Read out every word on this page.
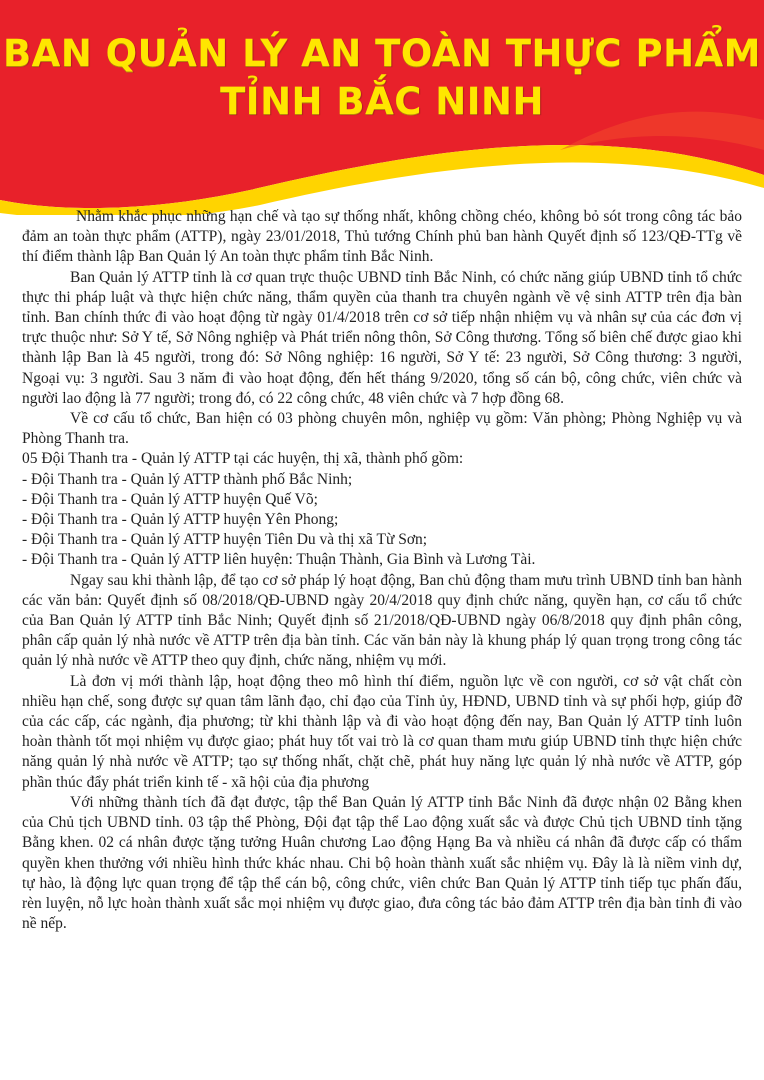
BAN QUẢN LÝ AN TOÀN THỰC PHẨM
TỈNH BẮC NINH

Nhằm khắc phục những hạn chế và tạo sự thống nhất, không chồng chéo, không bỏ sót trong công tác bảo đảm an toàn thực phẩm (ATTP), ngày 23/01/2018, Thủ tướng Chính phủ ban hành Quyết định số 123/QĐ-TTg về thí điểm thành lập Ban Quản lý An toàn thực phẩm tỉnh Bắc Ninh.

Ban Quản lý ATTP tỉnh là cơ quan trực thuộc UBND tỉnh Bắc Ninh, có chức năng giúp UBND tỉnh tổ chức thực thi pháp luật và thực hiện chức năng, thẩm quyền của thanh tra chuyên ngành về vệ sinh ATTP trên địa bàn tỉnh. Ban chính thức đi vào hoạt động từ ngày 01/4/2018 trên cơ sở tiếp nhận nhiệm vụ và nhân sự của các đơn vị trực thuộc như: Sở Y tế, Sở Nông nghiệp và Phát triển nông thôn, Sở Công thương. Tổng số biên chế được giao khi thành lập Ban là 45 người, trong đó: Sở Nông nghiệp: 16 người, Sở Y tế: 23 người, Sở Công thương: 3 người, Ngoại vụ: 3 người. Sau 3 năm đi vào hoạt động, đến hết tháng 9/2020, tổng số cán bộ, công chức, viên chức và người lao động là 77 người; trong đó, có 22 công chức, 48 viên chức và 7 hợp đồng 68.

Về cơ cấu tổ chức, Ban hiện có 03 phòng chuyên môn, nghiệp vụ gồm: Văn phòng; Phòng Nghiệp vụ và Phòng Thanh tra.

05 Đội Thanh tra - Quản lý ATTP tại các huyện, thị xã, thành phố gồm:

- Đội Thanh tra - Quản lý ATTP thành phố Bắc Ninh;
- Đội Thanh tra - Quản lý ATTP huyện Quế Võ;
- Đội Thanh tra - Quản lý ATTP huyện Yên Phong;
- Đội Thanh tra - Quản lý ATTP huyện Tiên Du và thị xã Từ Sơn;
- Đội Thanh tra - Quản lý ATTP liên huyện: Thuận Thành, Gia Bình và Lương Tài.

Ngay sau khi thành lập, để tạo cơ sở pháp lý hoạt động, Ban chủ động tham mưu trình UBND tỉnh ban hành các văn bản: Quyết định số 08/2018/QĐ-UBND ngày 20/4/2018 quy định chức năng, quyền hạn, cơ cấu tổ chức của Ban Quản lý ATTP tỉnh Bắc Ninh; Quyết định số 21/2018/QĐ-UBND ngày 06/8/2018 quy định phân công, phân cấp quản lý nhà nước về ATTP trên địa bàn tỉnh. Các văn bản này là khung pháp lý quan trọng trong công tác quản lý nhà nước về ATTP theo quy định, chức năng, nhiệm vụ mới.

Là đơn vị mới thành lập, hoạt động theo mô hình thí điểm, nguồn lực về con người, cơ sở vật chất còn nhiều hạn chế, song được sự quan tâm lãnh đạo, chỉ đạo của Tỉnh ủy, HĐND, UBND tỉnh và sự phối hợp, giúp đỡ của các cấp, các ngành, địa phương; từ khi thành lập và đi vào hoạt động đến nay, Ban Quản lý ATTP tỉnh luôn hoàn thành tốt mọi nhiệm vụ được giao; phát huy tốt vai trò là cơ quan tham mưu giúp UBND tỉnh thực hiện chức năng quản lý nhà nước về ATTP; tạo sự thống nhất, chặt chẽ, phát huy năng lực quản lý nhà nước về ATTP, góp phần thúc đẩy phát triển kinh tế - xã hội của địa phương

Với những thành tích đã đạt được, tập thể Ban Quản lý ATTP tỉnh Bắc Ninh đã được nhận 02 Bằng khen của Chủ tịch UBND tỉnh. 03 tập thể Phòng, Đội đạt tập thể Lao động xuất sắc và được Chủ tịch UBND tỉnh tặng Bằng khen. 02 cá nhân được tặng tưởng Huân chương Lao động Hạng Ba và nhiều cá nhân đã được cấp có thẩm quyền khen thưởng với nhiều hình thức khác nhau. Chi bộ hoàn thành xuất sắc nhiệm vụ. Đây là là niềm vinh dự, tự hào, là động lực quan trọng để tập thể cán bộ, công chức, viên chức Ban Quản lý ATTP tỉnh tiếp tục phấn đấu, rèn luyện, nỗ lực hoàn thành xuất sắc mọi nhiệm vụ được giao, đưa công tác bảo đảm ATTP trên địa bàn tỉnh đi vào nề nếp.
